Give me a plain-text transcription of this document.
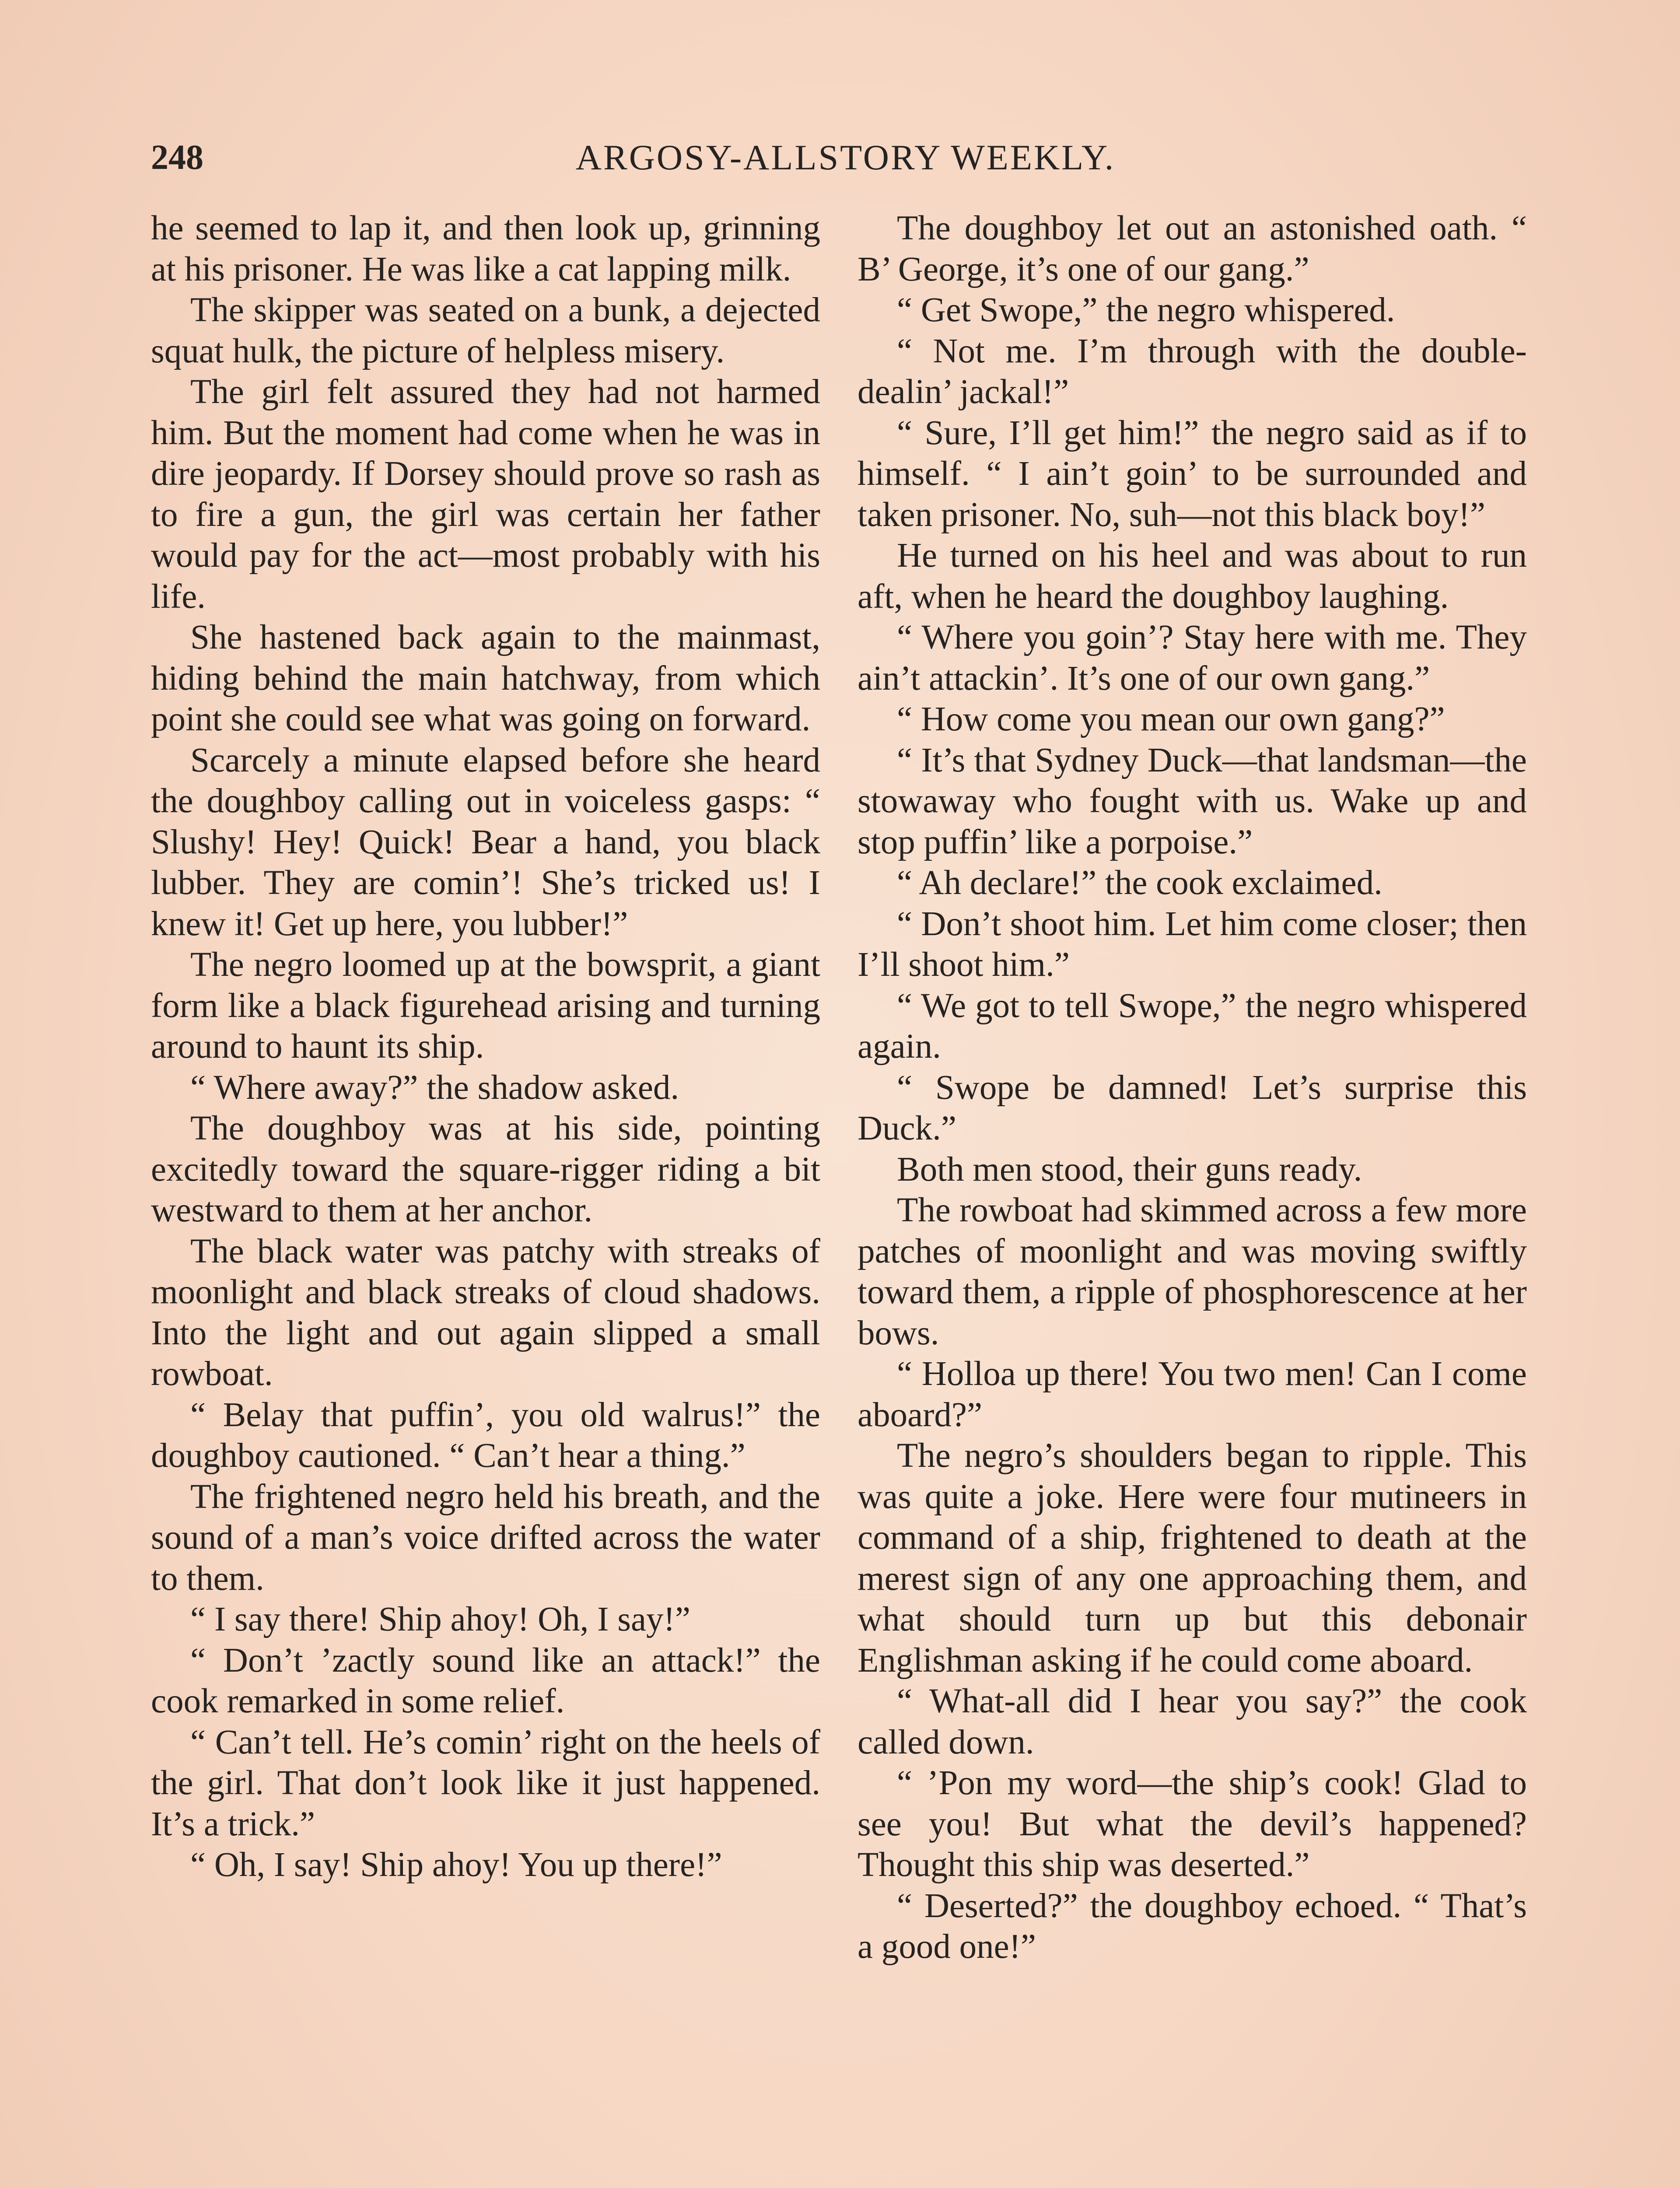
248	ARGOSY-ALLSTORY WEEKLY.

he seemed to lap it, and then look up, grinning at his prisoner. He was like a cat lapping milk.

The skipper was seated on a bunk, a dejected squat hulk, the picture of helpless misery.

The girl felt assured they had not harmed him. But the moment had come when he was in dire jeopardy. If Dorsey should prove so rash as to fire a gun, the girl was certain her father would pay for the act—most probably with his life.

She hastened back again to the mainmast, hiding behind the main hatchway, from which point she could see what was going on forward.

Scarcely a minute elapsed before she heard the doughboy calling out in voiceless gasps: “ Slushy! Hey! Quick! Bear a hand, you black lubber. They are comin’! She’s tricked us! I knew it! Get up here, you lubber!”

The negro loomed up at the bowsprit, a giant form like a black figurehead arising and turning around to haunt its ship.

“ Where away?” the shadow asked.

The doughboy was at his side, pointing excitedly toward the square-rigger riding a bit westward to them at her anchor.

The black water was patchy with streaks of moonlight and black streaks of cloud shadows. Into the light and out again slipped a small rowboat.

“ Belay that puffin’, you old walrus!” the doughboy cautioned. “ Can’t hear a thing.”

The frightened negro held his breath, and the sound of a man’s voice drifted across the water to them.

“ I say there! Ship ahoy! Oh, I say!”

“ Don’t ’zactly sound like an attack!” the cook remarked in some relief.

“ Can’t tell. He’s comin’ right on the heels of the girl. That don’t look like it just happened. It’s a trick.”

“ Oh, I say! Ship ahoy! You up there!”

The doughboy let out an astonished oath. “ B’ George, it’s one of our gang.”

“ Get Swope,” the negro whispered.

“ Not me. I’m through with the double-dealin’ jackal!”

“ Sure, I’ll get him!” the negro said as if to himself. “ I ain’t goin’ to be surrounded and taken prisoner. No, suh—not this black boy!”

He turned on his heel and was about to run aft, when he heard the doughboy laughing.

“ Where you goin’? Stay here with me. They ain’t attackin’. It’s one of our own gang.”

“ How come you mean our own gang?”

“ It’s that Sydney Duck—that landsman—the stowaway who fought with us. Wake up and stop puffin’ like a porpoise.”

“ Ah declare!” the cook exclaimed.

“ Don’t shoot him. Let him come closer; then I’ll shoot him.”

“ We got to tell Swope,” the negro whispered again.

“ Swope be damned! Let’s surprise this Duck.”

Both men stood, their guns ready.

The rowboat had skimmed across a few more patches of moonlight and was moving swiftly toward them, a ripple of phosphorescence at her bows.

“ Holloa up there! You two men! Can I come aboard?”

The negro’s shoulders began to ripple. This was quite a joke. Here were four mutineers in command of a ship, frightened to death at the merest sign of any one approaching them, and what should turn up but this debonair Englishman asking if he could come aboard.

“ What-all did I hear you say?” the cook called down.

“ ’Pon my word—the ship’s cook! Glad to see you! But what the devil’s happened? Thought this ship was deserted.”

“ Deserted?” the doughboy echoed. “ That’s a good one!”
